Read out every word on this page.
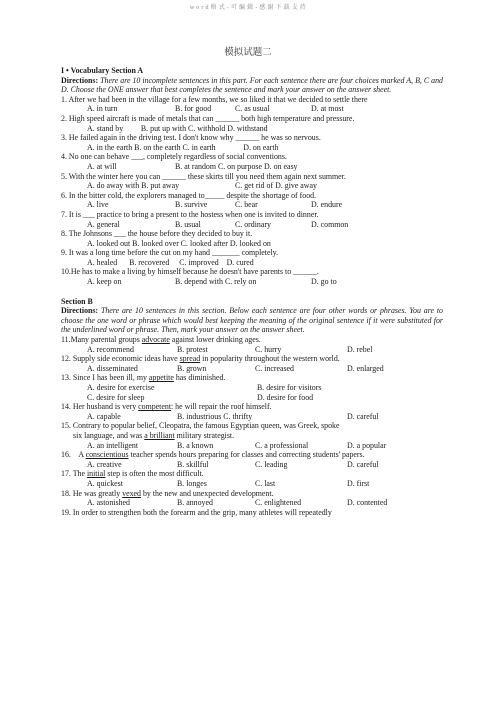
w o r d 格 式 - 可 编 辑 - 感 谢 下 载 支 持
模拟试题二
I • Vocabulary Section A
Directions: There are 10 incomplete sentences in this part. For each sentence there are four choices marked A, B, C and D. Choose the ONE answer that best completes the sentence and mark your answer on the answer sheet.
1. After we had been in the village for a few months, we so liked it that we decided to settle there
A. in turn	B. for good	C. as usual	D. at most
2. High speed aircraft is made of metals that can ______ both high temperature and pressure.
A. stand by         B. put up with C. withhold D. withstand
3. He failed again in the driving test. I don't know why ______ he was so nervous.
A. in the earth B. on the earth C. in earth              D. on earth
4. No one can behave ___, completely regardless of social conventions.
A. at will	B. at random C. on purpose D. on easy
5. With the winter here you can ______ these skirts till you need them again next summer.
A. do away with B. put away	C. get rid of D. give away
6. In the bitter cold, the explorers managed to_____ despite the shortage of food.
A. live	B. survive	C. bear	D. endure
7. It is ___ practice to bring a present to the hostess when one is invited to dinner.
A. general	B. usual	C. ordinary	D. common
8. The Johnsons ___ the house before they decided to buy it.
A. looked out B. looked over C. looked after D. looked on
9. It was a long time before the cut on my hand _______ completely.
A. healed      B. recovered     C. improved    D. cured
10.He has to make a living by himself because he doesn't have parents to ______.
A. keep on	B. depend with C. rely on	D. go to
Section B
Directions: There are 10 sentences in this section. Below each sentence are four other words or phrases. You are to choose the one word or phrase which would best keeping the meaning of the original sentence if it were substituted for the underlined word or phrase. Then, mark your answer on the answer sheet.
11.Many parental groups advocate against lower drinking ages.
A. recommend	B. protest	C. hurry	D. rebel
12. Supply side economic ideas have spread in popularity throughout the western world.
A. disseminated	B. grown	C. increased	D. enlarged
13. Since I has been ill, my appetite has diminished.
A. desire for exercise	B. desire for visitors
C. desire for sleep	D. desire for food
14. Her husband is very competent: he will repair the roof himself.
A. capable	B. industrious C. thrifty	D. careful
15. Contrary to popular belief, Cleopatra, the famous Egyptian queen, was Greek, spoke
six language, and was a brilliant military strategist.
A. an intelligent	B. a known	C. a professional	D. a popular
16.    A conscientious teacher spends hours preparing for classes and correcting students' papers.
A. creative	B. skillful	C. leading	D. careful
17. The initial step is often the most difficult.
A. quickest	B. longes	C. last	D. first
18. He was greatly vexed by the new and unexpected development.
A. astonished	B. annoyed	C. enlightened	D. contented
19. In order to strengthen both the forearm and the grip, many athletes will repeatedly
